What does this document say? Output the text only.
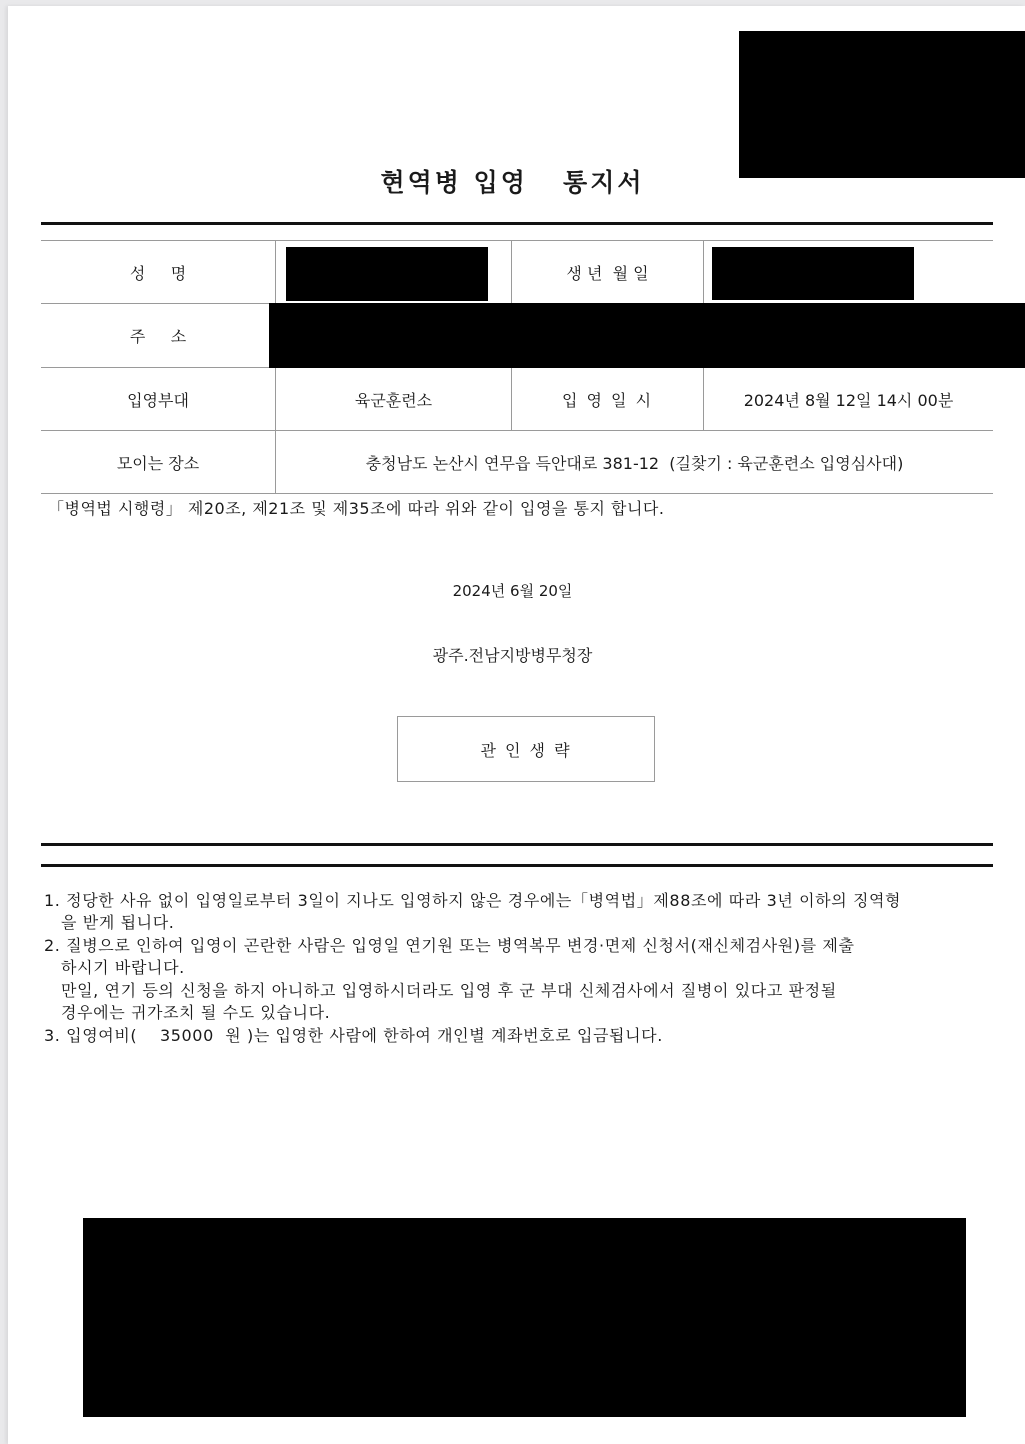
현역병 입영   통지서
성     명	생 년  월 일
주     소
입영부대	육군훈련소	입 영 일 시	2024년 8월 12일 14시 00분
모이는 장소	충청남도 논산시 연무읍 득안대로 381-12  (길찾기 : 육군훈련소 입영심사대)
「병역법 시행령」 제20조, 제21조 및 제35조에 따라 위와 같이 입영을 통지 합니다.
2024년 6월 20일
광주.전남지방병무청장
관 인 생 략
1. 정당한 사유 없이 입영일로부터 3일이 지나도 입영하지 않은 경우에는「병역법」제88조에 따라 3년 이하의 징역형
을 받게 됩니다.
2. 질병으로 인하여 입영이 곤란한 사람은 입영일 연기원 또는 병역복무 변경·면제 신청서(재신체검사원)를 제출
하시기 바랍니다.
만일, 연기 등의 신청을 하지 아니하고 입영하시더라도 입영 후 군 부대 신체검사에서 질병이 있다고 판정될
경우에는 귀가조치 될 수도 있습니다.
3. 입영여비(    35000  원 )는 입영한 사람에 한하여 개인별 계좌번호로 입금됩니다.
